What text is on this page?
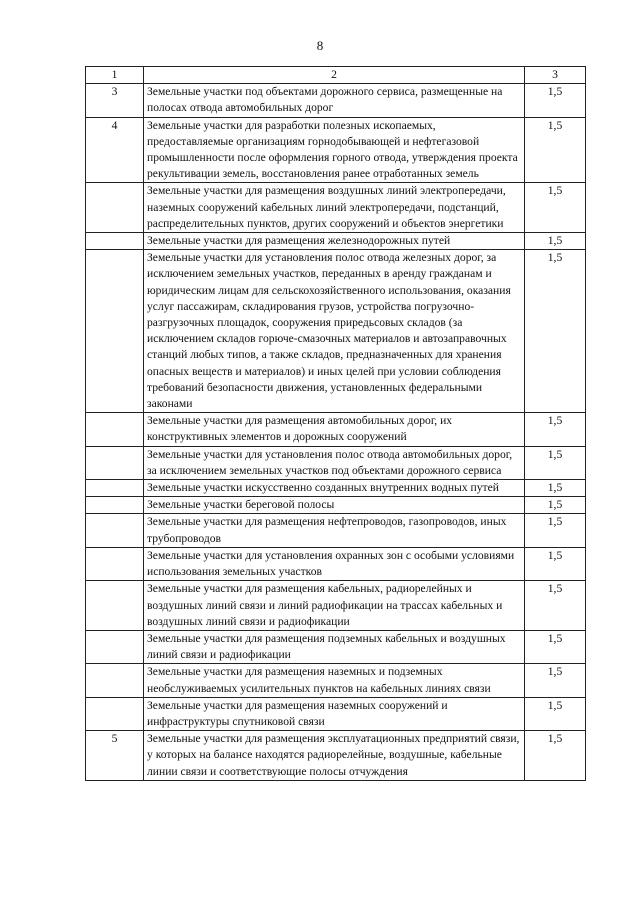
8
1	2	3
3	Земельные участки под объектами дорожного сервиса, размещенные на полосах отвода автомобильных дорог	1,5
4	Земельные участки для разработки полезных ископаемых, предоставляемые организациям горнодобывающей и нефтегазовой промышленности после оформления горного отвода, утверждения проекта рекультивации земель, восстановления ранее отработанных земель	1,5
	Земельные участки для размещения воздушных линий электропередачи, наземных сооружений кабельных линий электропередачи, подстанций, распределительных пунктов, других сооружений и объектов энергетики	1,5
	Земельные участки для размещения железнодорожных путей	1,5
	Земельные участки для установления полос отвода железных дорог, за исключением земельных участков, переданных в аренду гражданам и юридическим лицам для сельскохозяйственного использования, оказания услуг пассажирам, складирования грузов, устройства погрузочно-разгрузочных площадок, сооружения приредьсовых складов (за исключением складов горюче-смазочных материалов и автозаправочных станций любых типов, а также складов, предназначенных для хранения опасных веществ и материалов) и иных целей при условии соблюдения требований безопасности движения, установленных федеральными законами	1,5
	Земельные участки для размещения автомобильных дорог, их конструктивных элементов и дорожных сооружений	1,5
	Земельные участки для установления полос отвода автомобильных дорог, за исключением земельных участков под объектами дорожного сервиса	1,5
	Земельные участки искусственно созданных внутренних водных путей	1,5
	Земельные участки береговой полосы	1,5
	Земельные участки для размещения нефтепроводов, газопроводов, иных трубопроводов	1,5
	Земельные участки для установления охранных зон с особыми условиями использования земельных участков	1,5
	Земельные участки для размещения кабельных, радиорелейных и воздушных линий связи и линий радиофикации на трассах кабельных и воздушных линий связи и радиофикации	1,5
	Земельные участки для размещения подземных кабельных и воздушных линий связи и радиофикации	1,5
	Земельные участки для размещения наземных и подземных необслуживаемых усилительных пунктов на кабельных линиях связи	1,5
	Земельные участки для размещения наземных сооружений и инфраструктуры спутниковой связи	1,5
5	Земельные участки для размещения эксплуатационных предприятий связи, у которых на балансе находятся радиорелейные, воздушные, кабельные линии связи и соответствующие полосы отчуждения	1,5
